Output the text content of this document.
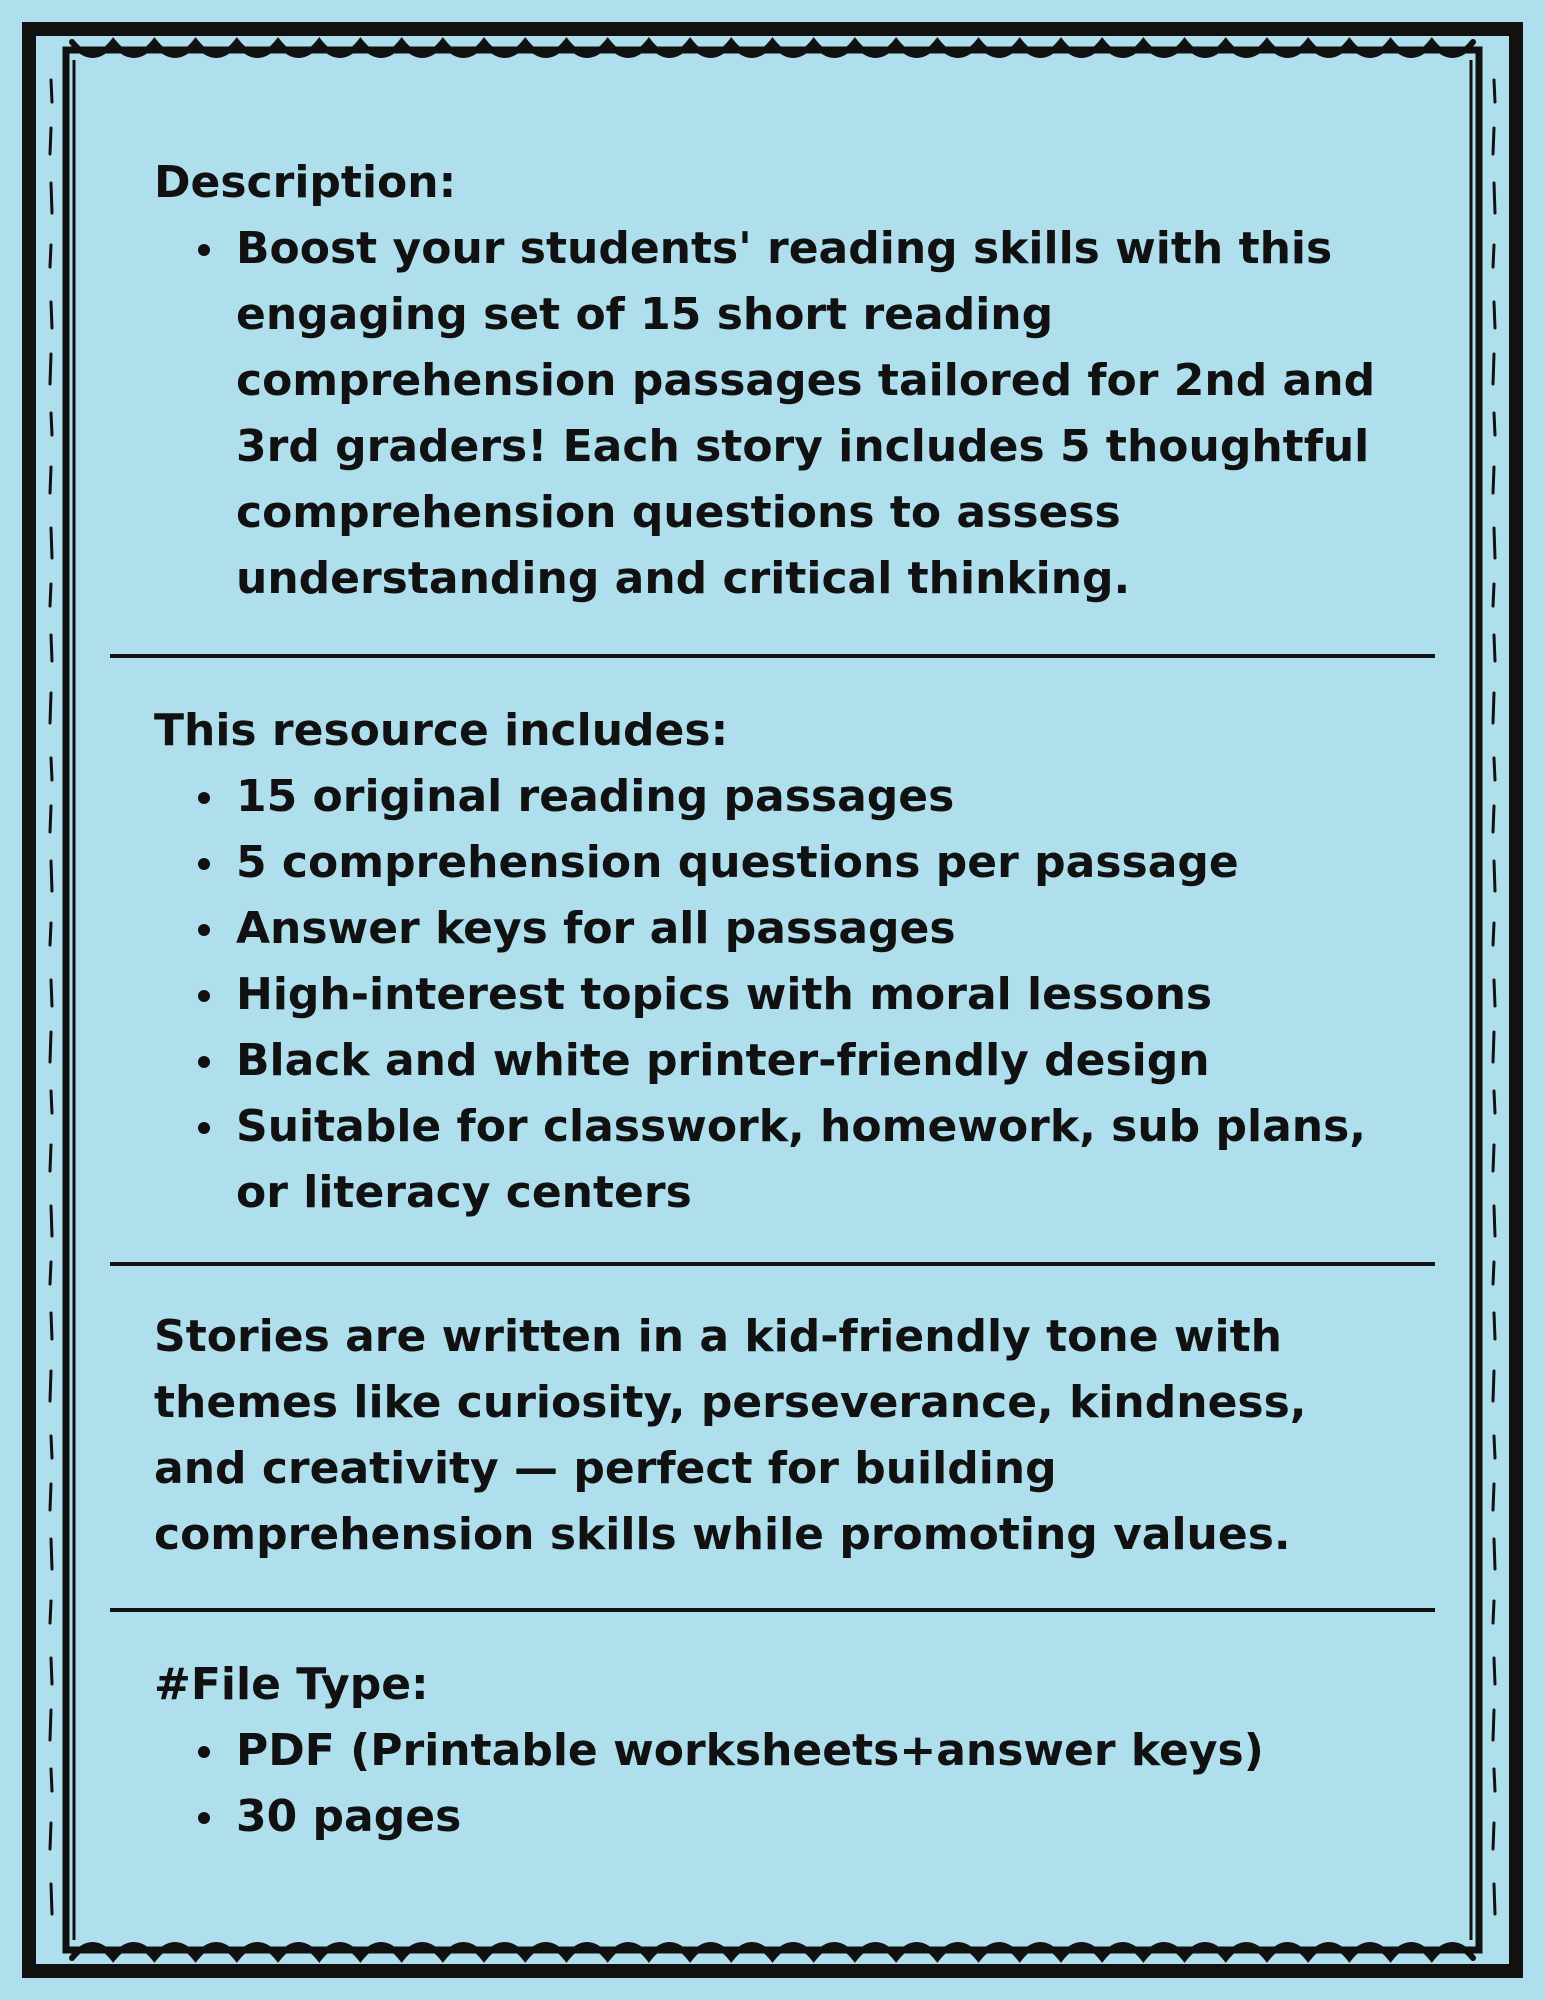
Description:

Boost your students' reading skills with this engaging set of 15 short reading comprehension passages tailored for 2nd and 3rd graders! Each story includes 5 thoughtful comprehension questions to assess understanding and critical thinking.

This resource includes:

15 original reading passages
5 comprehension questions per passage
Answer keys for all passages
High-interest topics with moral lessons
Black and white printer-friendly design
Suitable for classwork, homework, sub plans, or literacy centers

Stories are written in a kid-friendly tone with themes like curiosity, perseverance, kindness, and creativity — perfect for building comprehension skills while promoting values.

#File Type:

PDF (Printable worksheets+answer keys)
30 pages
